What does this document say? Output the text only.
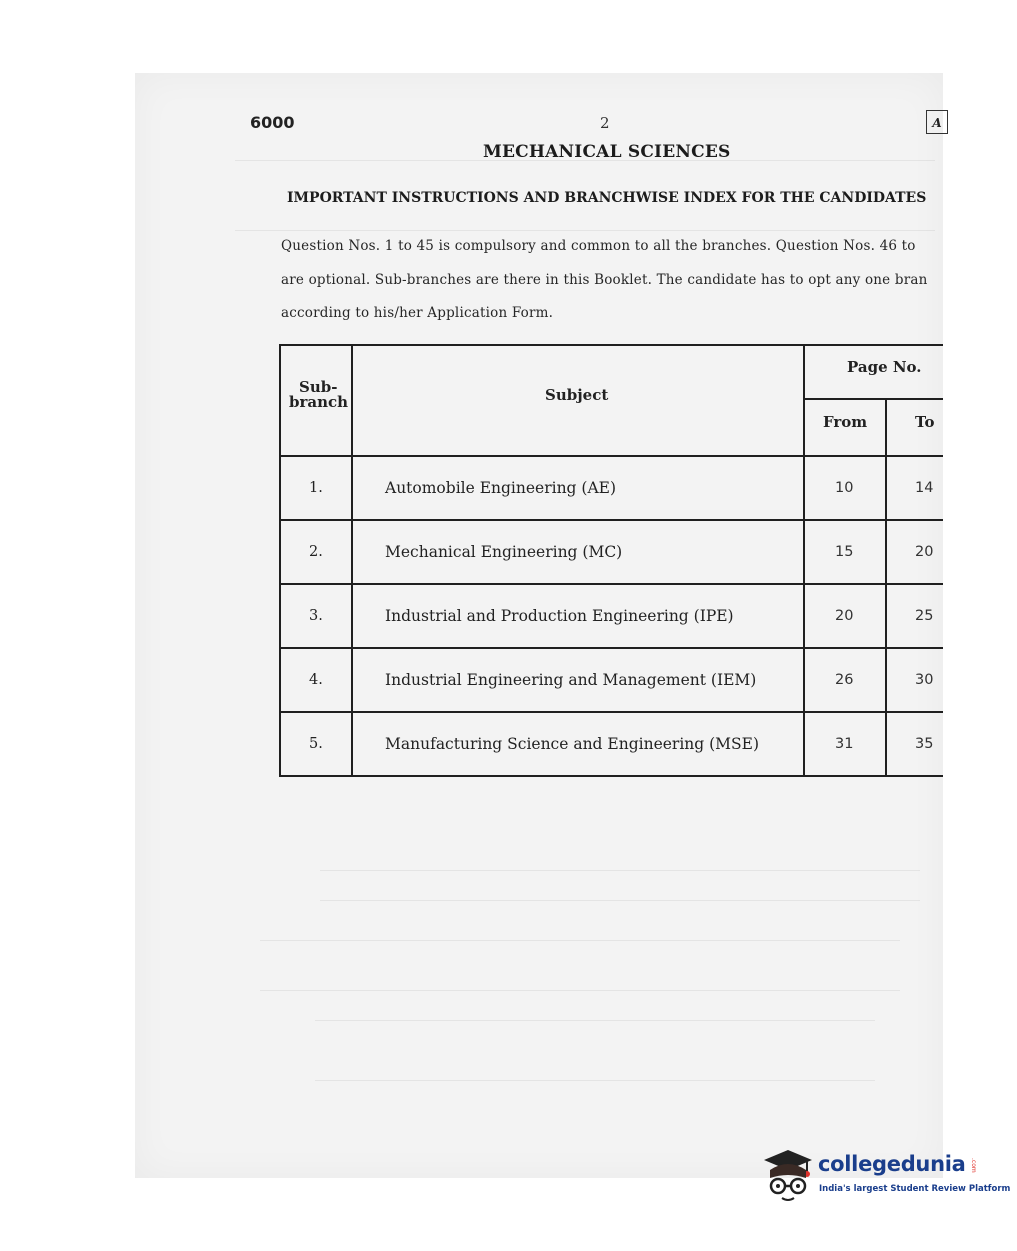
6000	2	A
MECHANICAL SCIENCES
IMPORTANT INSTRUCTIONS AND BRANCHWISE INDEX FOR THE CANDIDATES
Question Nos. 1 to 45 is compulsory and common to all the branches. Question Nos. 46 to
are optional. Sub-branches are there in this Booklet. The candidate has to opt any one bran
according to his/her Application Form.
Sub-
branch	Subject
Page No.
From	To
1.	Automobile Engineering (AE)	10	14
2.	Mechanical Engineering (MC)	15	20
3.	Industrial and Production Engineering (IPE)	20	25
4.	Industrial Engineering and Management (IEM)	26	30
5.	Manufacturing Science and Engineering (MSE)	31	35
collegedunia .com
India's largest Student Review Platform
